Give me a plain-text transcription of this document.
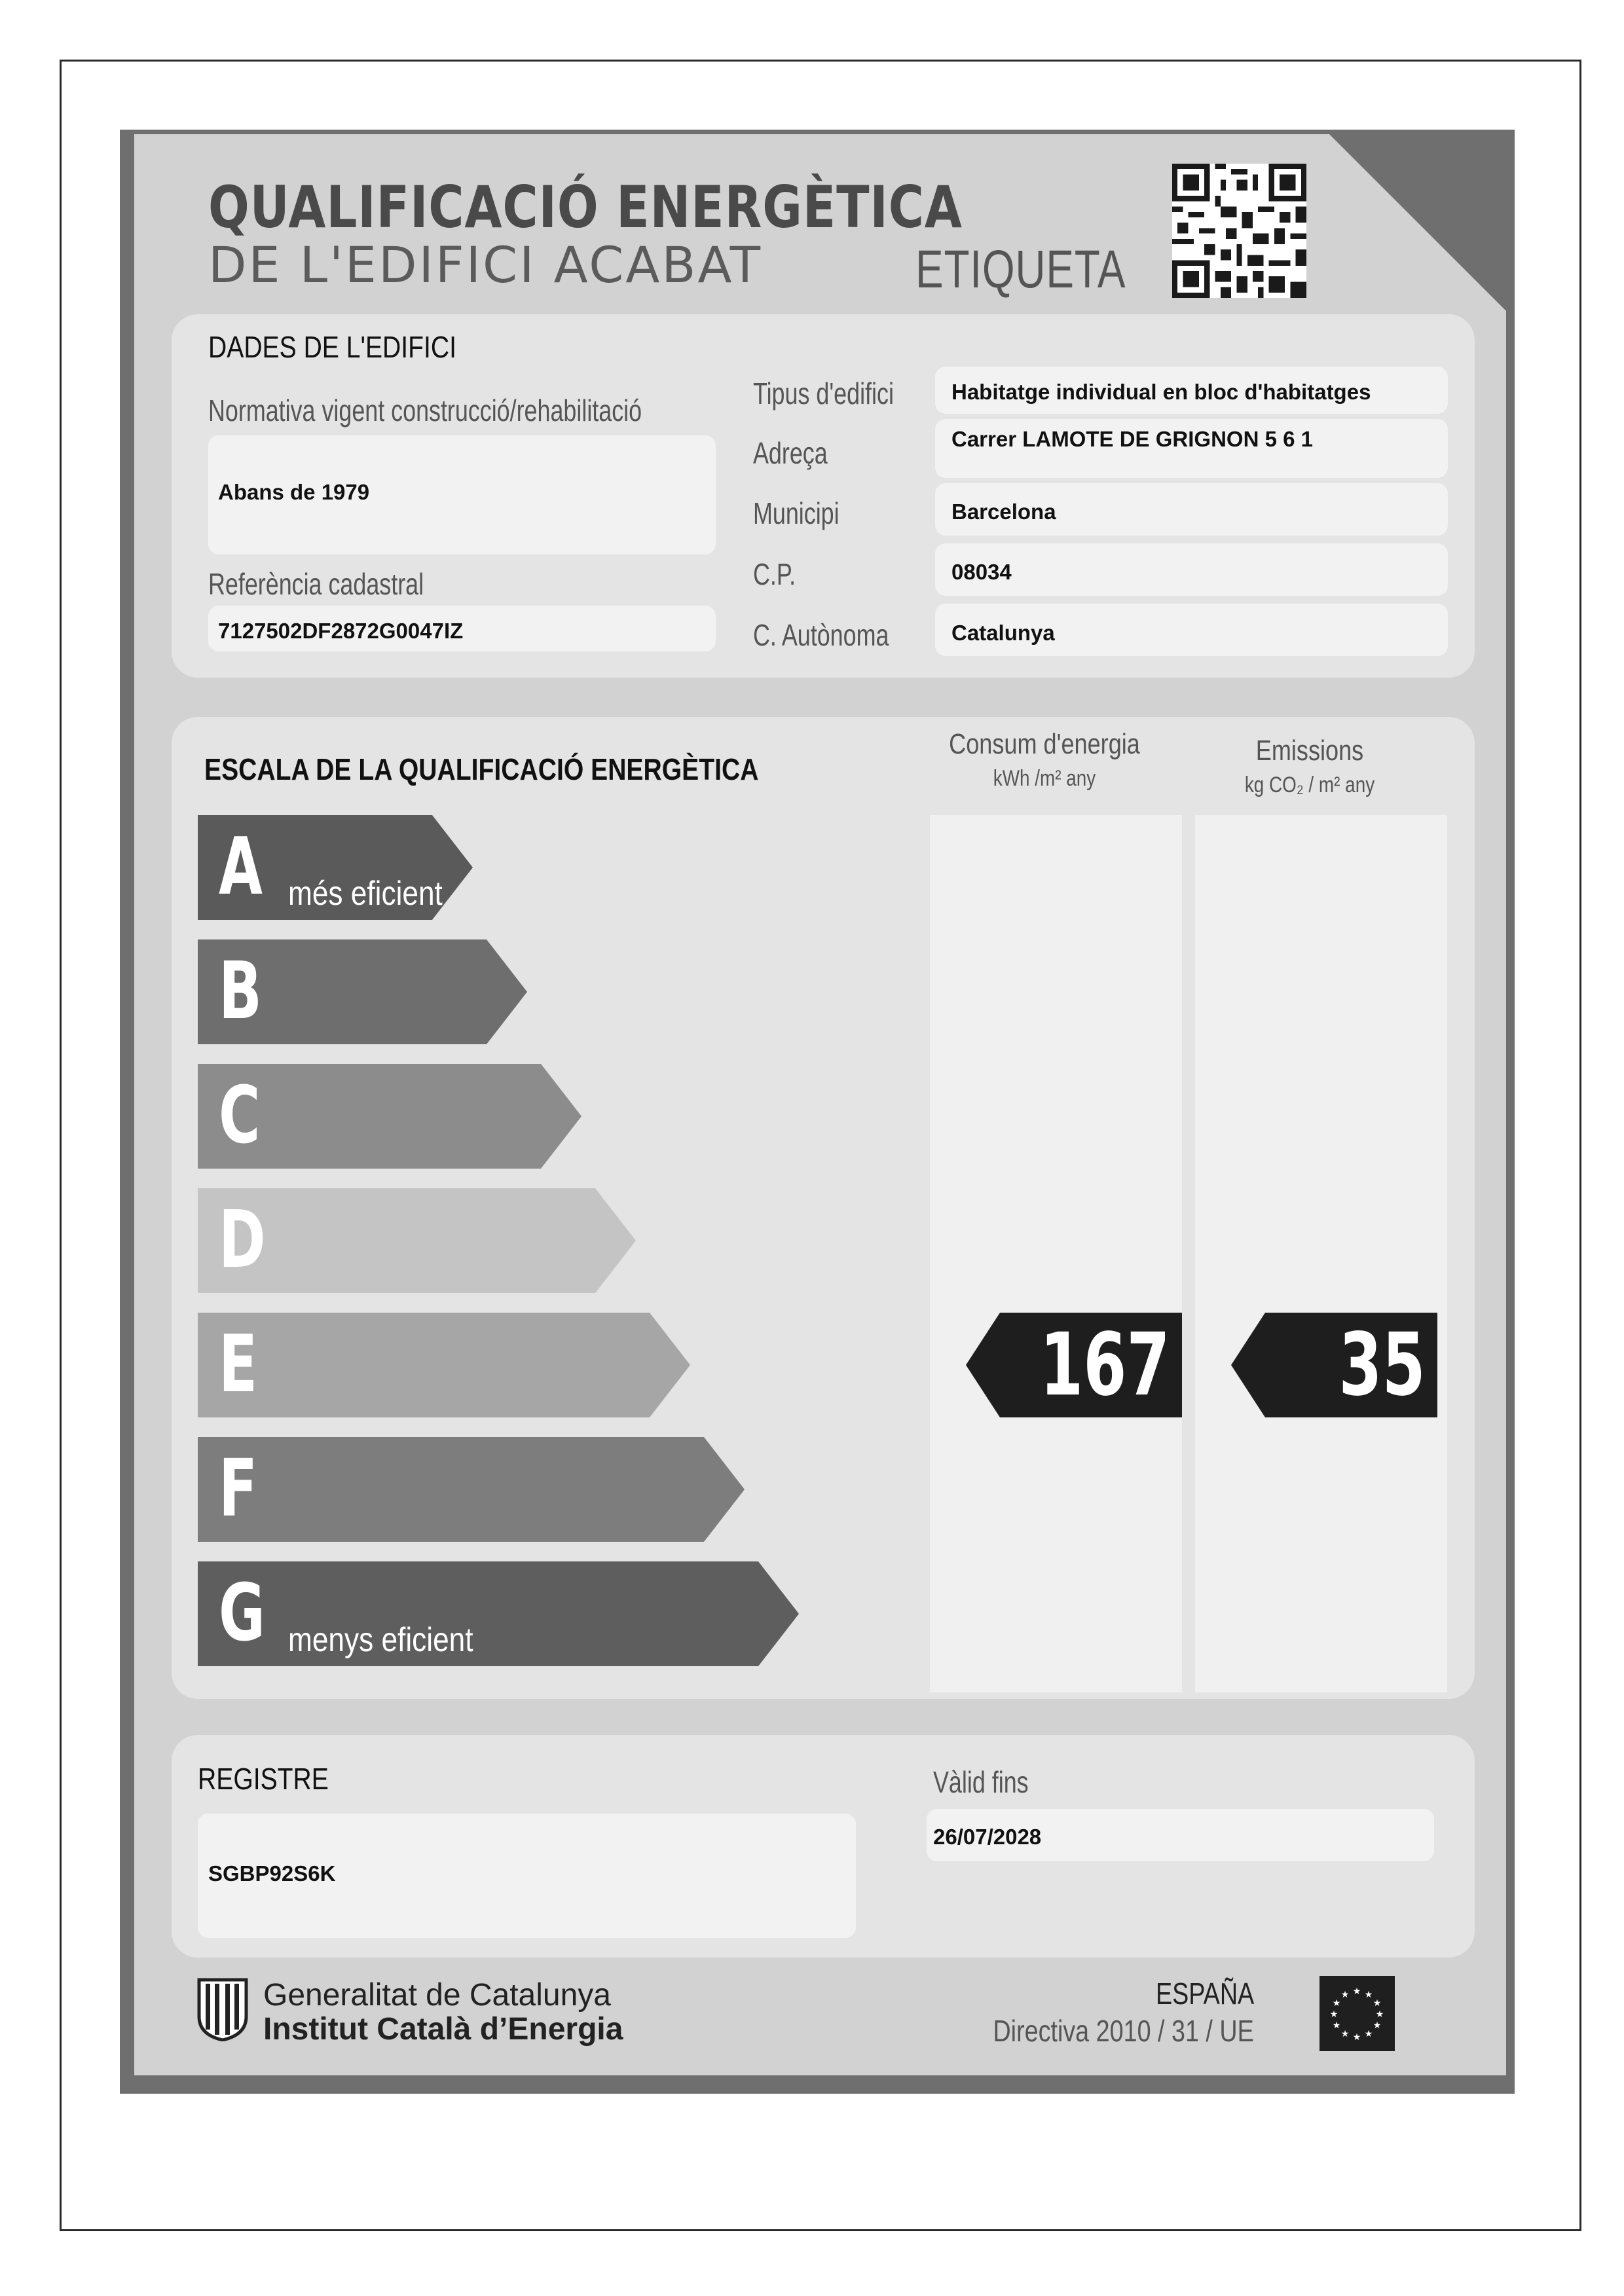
QUALIFICACIÓ ENERGÈTICA
DE L'EDIFICI ACABAT	ETIQUETA
DADES DE L'EDIFICI
Normativa vigent construcció/rehabilitació
Abans de 1979
Referència cadastral
7127502DF2872G0047IZ
Tipus d'edifici	Habitatge individual en bloc d'habitatges
Adreça	Carrer LAMOTE DE GRIGNON 5 6 1
Municipi	Barcelona
C.P.	08034
C. Autònoma	Catalunya
ESCALA DE LA QUALIFICACIÓ ENERGÈTICA
Consum d'energia
kWh /m² any
Emissions
kg CO₂ / m² any
A més eficient
B
C
D
E	167 35
F
G menys eficient
REGISTRE
SGBP92S6K
Vàlid fins
26/07/2028
Generalitat de Catalunya
Institut Català d’Energia
ESPAÑA
Directiva 2010 / 31 / UE
★ ★
★
★
★
★
★
★
★
★
★
★
